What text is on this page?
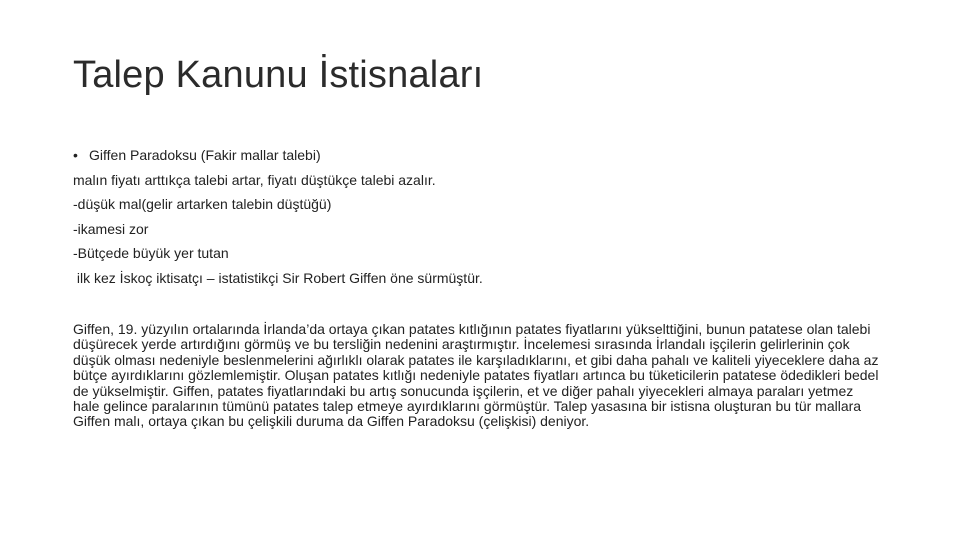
Talep Kanunu İstisnaları
• Giffen Paradoksu (Fakir mallar talebi)
malın fiyatı arttıkça talebi artar, fiyatı düştükçe talebi azalır.
-düşük mal(gelir artarken talebin düştüğü)
-ikamesi zor
-Bütçede büyük yer tutan
ilk kez İskoç iktisatçı – istatistikçi Sir Robert Giffen öne sürmüştür.
Giffen, 19. yüzyılın ortalarında İrlanda’da ortaya çıkan patates kıtlığının patates fiyatlarını yükselttiğini, bunun patatese olan talebi düşürecek yerde artırdığını görmüş ve bu tersliğin nedenini araştırmıştır. İncelemesi sırasında İrlandalı işçilerin gelirlerinin çok düşük olması nedeniyle beslenmelerini ağırlıklı olarak patates ile karşıladıklarını, et gibi daha pahalı ve kaliteli yiyeceklere daha az bütçe ayırdıklarını gözlemlemiştir. Oluşan patates kıtlığı nedeniyle patates fiyatları artınca bu tüketicilerin patatese ödedikleri bedel de yükselmiştir. Giffen, patates fiyatlarındaki bu artış sonucunda işçilerin, et ve diğer pahalı yiyecekleri almaya paraları yetmez hale gelince paralarının tümünü patates talep etmeye ayırdıklarını görmüştür. Talep yasasına bir istisna oluşturan bu tür mallara Giffen malı, ortaya çıkan bu çelişkili duruma da Giffen Paradoksu (çelişkisi) deniyor.
